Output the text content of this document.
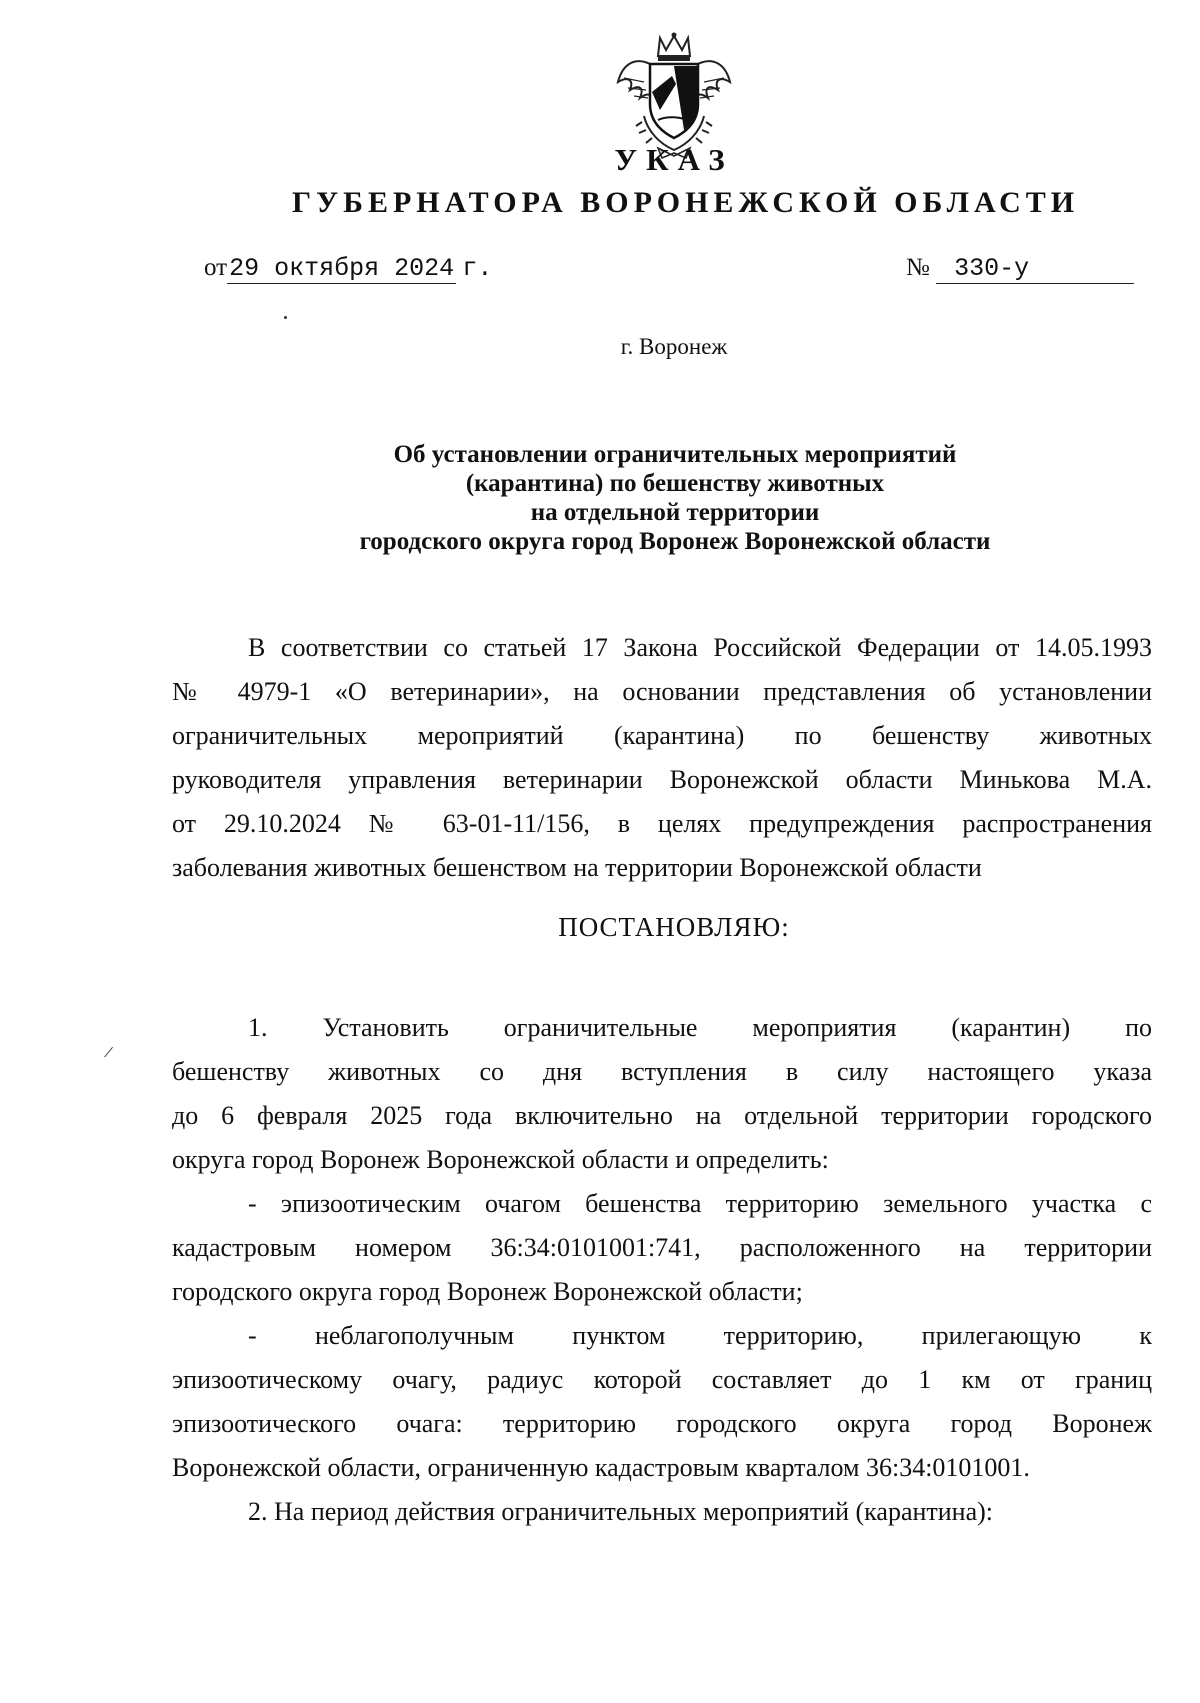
УКАЗ

ГУБЕРНАТОРА ВОРОНЕЖСКОЙ ОБЛАСТИ

от29 октября 2024 г.	№ 330-у
/

г. Воронеж

Об установлении ограничительных мероприятий
(карантина) по бешенству животных
на отдельной территории
городского округа город Воронеж Воронежской области

В соответствии со статьей 17 Закона Российской Федерации от 14.05.1993
№ 4979-1 «О ветеринарии», на основании представления об установлении
ограничительных мероприятий (карантина) по бешенству животных
руководителя управления ветеринарии Воронежской области Минькова М.А.
от 29.10.2024 № 63-01-11/156, в целях предупреждения распространения
заболевания животных бешенством на территории Воронежской области

ПОСТАНОВЛЯЮ:

1. Установить ограничительные мероприятия (карантин) по
бешенству животных со дня вступления в силу настоящего указа
до 6 февраля 2025 года включительно на отдельной территории городского
округа город Воронеж Воронежской области и определить:
- эпизоотическим очагом бешенства территорию земельного участка с
кадастровым номером 36:34:0101001:741, расположенного на территории
городского округа город Воронеж Воронежской области;
- неблагополучным пунктом территорию, прилегающую к
эпизоотическому очагу, радиус которой составляет до 1 км от границ
эпизоотического очага: территорию городского округа город Воронеж
Воронежской области, ограниченную кадастровым кварталом 36:34:0101001.
2. На период действия ограничительных мероприятий (карантина):
